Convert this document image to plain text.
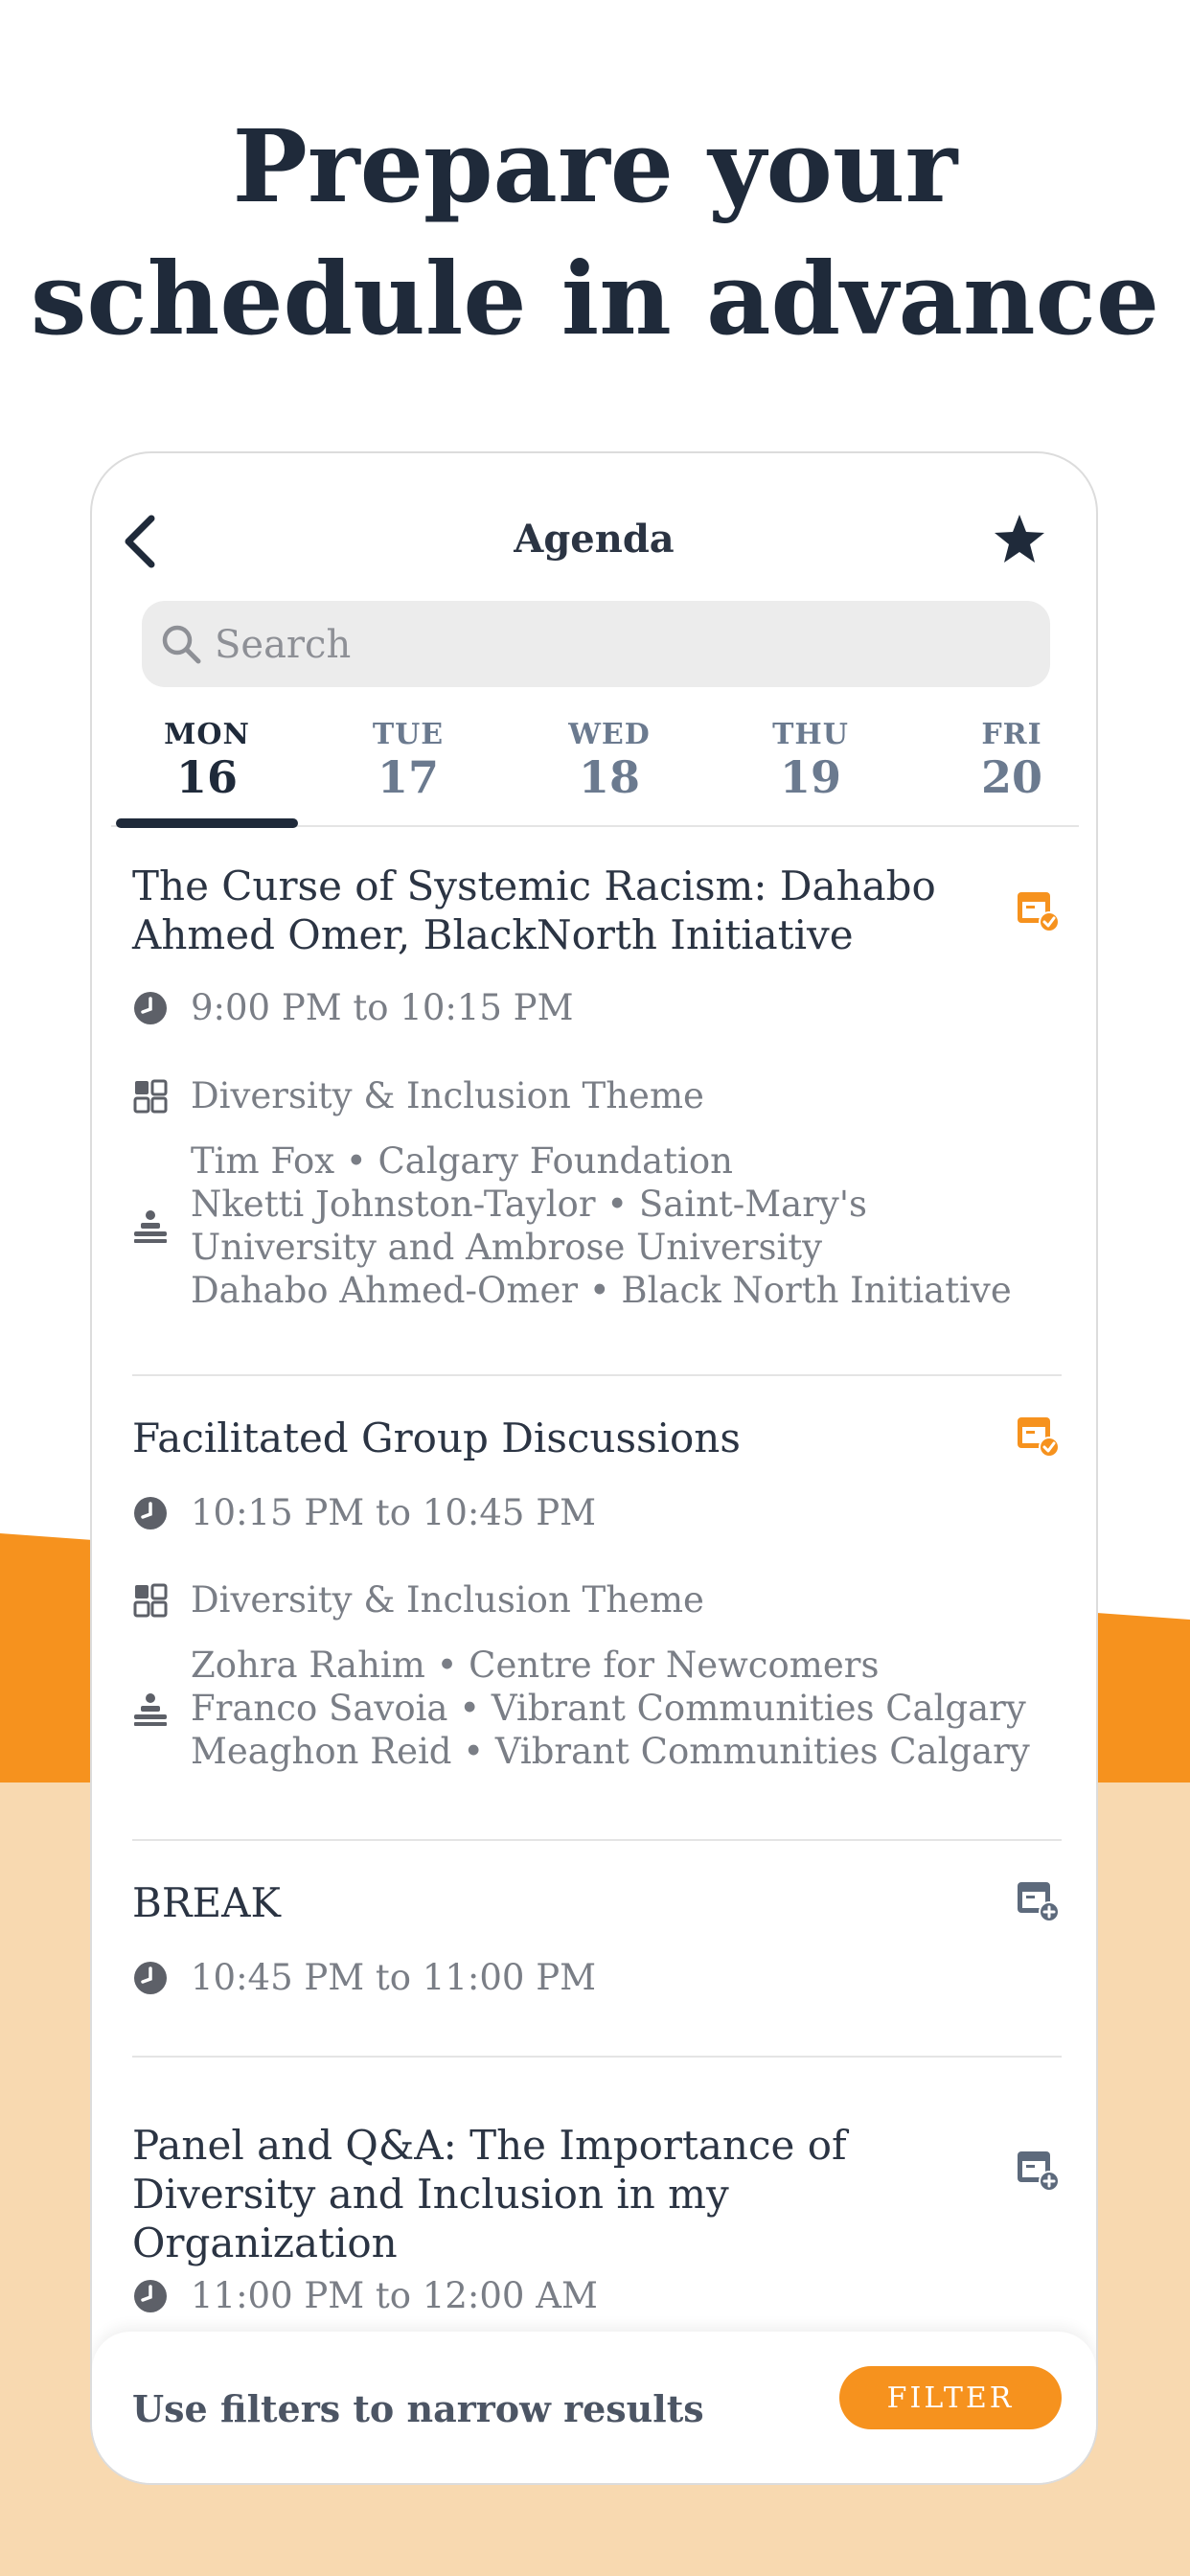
Prepare your
schedule in advance
Agenda
Search
MON
16
TUE
17
WED
18
THU
19
FRI
20
The Curse of Systemic Racism: Dahabo Ahmed Omer, BlackNorth Initiative
9:00 PM to 10:15 PM
Diversity & Inclusion Theme
Tim Fox • Calgary Foundation
Nketti Johnston-Taylor • Saint-Mary's University and Ambrose University
Dahabo Ahmed-Omer • Black North Initiative
Facilitated Group Discussions
10:15 PM to 10:45 PM
Diversity & Inclusion Theme
Zohra Rahim • Centre for Newcomers
Franco Savoia • Vibrant Communities Calgary
Meaghon Reid • Vibrant Communities Calgary
BREAK
10:45 PM to 11:00 PM
Panel and Q&A: The Importance of Diversity and Inclusion in my Organization
11:00 PM to 12:00 AM
Use filters to narrow results	FILTER
